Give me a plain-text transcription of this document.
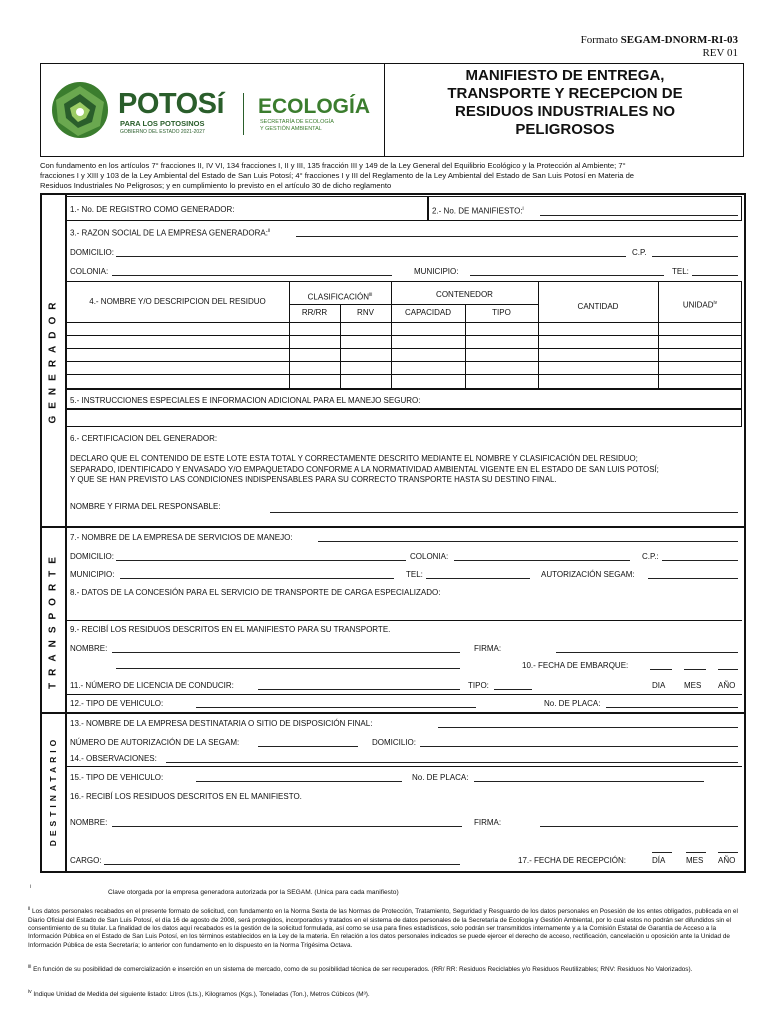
Formato SEGAM-DNORM-RI-03
REV 01
POTOSí
PARA LOS POTOSINOS
GOBIERNO DEL ESTADO 2021-2027
ECOLOGÍA
SECRETARÍA DE ECOLOGÍA
Y GESTIÓN AMBIENTAL
MANIFIESTO DE ENTREGA,
TRANSPORTE Y RECEPCION DE
RESIDUOS INDUSTRIALES NO
PELIGROSOS
Con fundamento en los artículos 7° fracciones II, IV VI, 134 fracciones I, II y III, 135 fracción III y 149 de la Ley General del Equilibrio Ecológico y la Protección al Ambiente; 7°
fracciones I y XIII y 103 de la Ley Ambiental del Estado de San Luis Potosí; 4° fracciones I y III del Reglamento de la Ley Ambiental del Estado de San Luis Potosí en Materia de
Residuos Industriales No Peligrosos; y en cumplimiento lo previsto en el artículo 30 de dicho reglamento
GENERADOR
TRANSPORTE
DESTINATARIO
1.- No. DE REGISTRO COMO GENERADOR:	2.- No. DE MANIFIESTO:$^i$
3.- RAZON SOCIAL DE LA EMPRESA GENERADORA:$^{ii}$
DOMICILIO:	C.P.
COLONIA:	MUNICIPIO:	TEL:
4.- NOMBRE Y/O DESCRIPCION DEL RESIDUO	CLASIFICACIÓN$^{iii}$
RR/RR	RNV
CONTENEDOR
CAPACIDAD	TIPO
CANTIDAD	UNIDAD$^{iv}$
5.- INSTRUCCIONES ESPECIALES E INFORMACION ADICIONAL PARA EL MANEJO SEGURO:
6.- CERTIFICACION DEL GENERADOR:
DECLARO QUE EL CONTENIDO DE ESTE LOTE ESTA TOTAL Y CORRECTAMENTE DESCRITO MEDIANTE EL NOMBRE Y CLASIFICACIÓN DEL RESIDUO;
SEPARADO, IDENTIFICADO Y ENVASADO Y/O EMPAQUETADO CONFORME A LA NORMATIVIDAD AMBIENTAL VIGENTE EN EL ESTADO DE SAN LUIS POTOSÍ;
Y QUE SE HAN PREVISTO LAS CONDICIONES INDISPENSABLES PARA SU CORRECTO TRANSPORTE HASTA SU DESTINO FINAL.
NOMBRE Y FIRMA DEL RESPONSABLE:
7.- NOMBRE DE LA EMPRESA DE SERVICIOS DE MANEJO:
DOMICILIO:	COLONIA:	C.P.:
MUNICIPIO:	TEL:	AUTORIZACIÓN SEGAM:
8.- DATOS DE LA CONCESIÓN PARA EL SERVICIO DE TRANSPORTE DE CARGA ESPECIALIZADO:
9.- RECIBÍ LOS RESIDUOS DESCRITOS EN EL MANIFIESTO PARA SU TRANSPORTE.
NOMBRE:	FIRMA:
10.- FECHA DE EMBARQUE:
11.- NÚMERO DE LICENCIA DE CONDUCIR:	TIPO:	DIA MES AÑO
12.- TIPO DE VEHICULO:	No. DE PLACA:
13.- NOMBRE DE LA EMPRESA DESTINATARIA O SITIO DE DISPOSICIÓN FINAL:
NÚMERO DE AUTORIZACIÓN DE LA SEGAM:	DOMICILIO:
14.- OBSERVACIONES:
15.- TIPO DE VEHICULO:	No. DE PLACA:
16.- RECIBÍ LOS RESIDUOS DESCRITOS EN EL MANIFIESTO.
NOMBRE:	FIRMA:
CARGO:	17.- FECHA DE RECEPCIÓN:	DÍA	MES AÑO
i
Clave otorgada por la empresa generadora autorizada por la SEGAM. (Unica para cada manifiesto)
$^{ii}$ Los datos personales recabados en el presente formato de solicitud, con fundamento en la Norma Sexta de las Normas de Protección, Tratamiento, Seguridad y Resguardo de los datos personales en Posesión de los entes obligados, publicada en el Diario Oficial del Estado de San Luis Potosí, el día 16 de agosto de 2008, será protegidos, incorporados y tratados en el sistema de datos personales de la Secretaría de Ecología y Gestión Ambiental, por lo cual estos no podrán ser difundidos sin el consentimiento de su titular. La finalidad de los datos aquí recabados es la gestión de la solicitud formulada, así como se usa para fines estadísticos, solo podrán ser transmitidos internamente y a la Comisión Estatal de Garantía de Acceso a la Información Pública en el Estado de San Luis Potosí, en los términos establecidos en la Ley de la materia. En relación a los datos personales indicados se puede ejercer el derecho de acceso, rectificación, cancelación u oposición ante la Unidad de Información Pública de esta Secretaría; lo anterior con fundamento en lo dispuesto en la Norma Trigésima Octava.
$^{iii}$ En función de su posibilidad de comercialización e inserción en un sistema de mercado, como de su posibilidad técnica de ser recuperados. (RR/ RR: Residuos Reciclables y/o Residuos Reutilizables; RNV: Residuos No Valorizados).
$^{iv}$ Indique Unidad de Medida del siguiente listado: Litros (Lts.), Kilogramos (Kgs.), Toneladas (Ton.), Metros Cúbicos (M³).
